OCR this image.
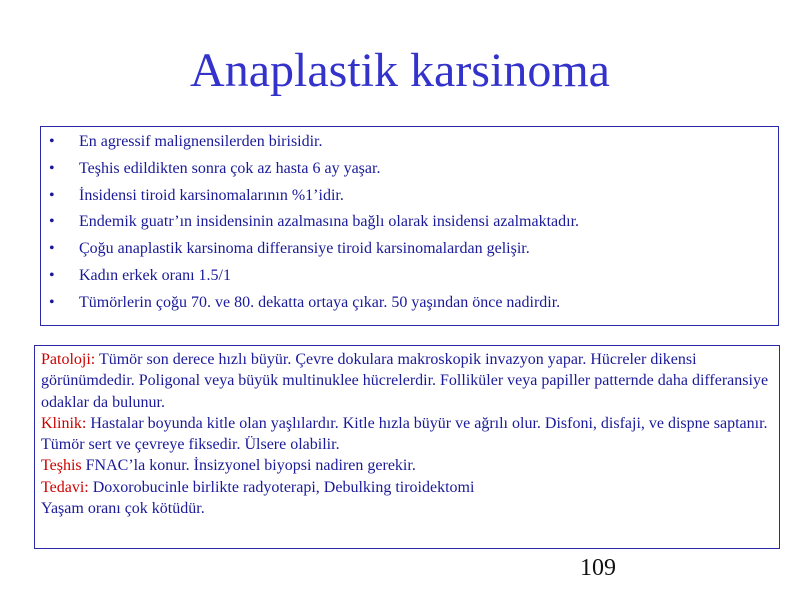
Anaplastik karsinoma
• En agressif malignensilerden birisidir.
• Teşhis edildikten sonra çok az hasta 6 ay yaşar.
• İnsidensi tiroid karsinomalarının %1’idir.
• Endemik guatr’ın insidensinin azalmasına bağlı olarak insidensi azalmaktadır.
• Çoğu anaplastik karsinoma differansiye tiroid karsinomalardan gelişir.
• Kadın erkek oranı 1.5/1
• Tümörlerin çoğu 70. ve 80. dekatta ortaya çıkar. 50 yaşından önce nadirdir.
Patoloji: Tümör son derece hızlı büyür. Çevre dokulara makroskopik invazyon yapar. Hücreler dikensi görünümdedir. Poligonal veya büyük multinuklee hücrelerdir. Folliküler veya papiller patternde daha differansiye odaklar da bulunur.
Klinik: Hastalar boyunda kitle olan yaşlılardır. Kitle hızla büyür ve ağrılı olur. Disfoni, disfaji, ve dispne saptanır.
Tümör sert ve çevreye fiksedir. Ülsere olabilir.
Teşhis FNAC’la konur. İnsizyonel biyopsi nadiren gerekir.
Tedavi: Doxorobucinle birlikte radyoterapi, Debulking tiroidektomi
Yaşam oranı çok kötüdür.
109
